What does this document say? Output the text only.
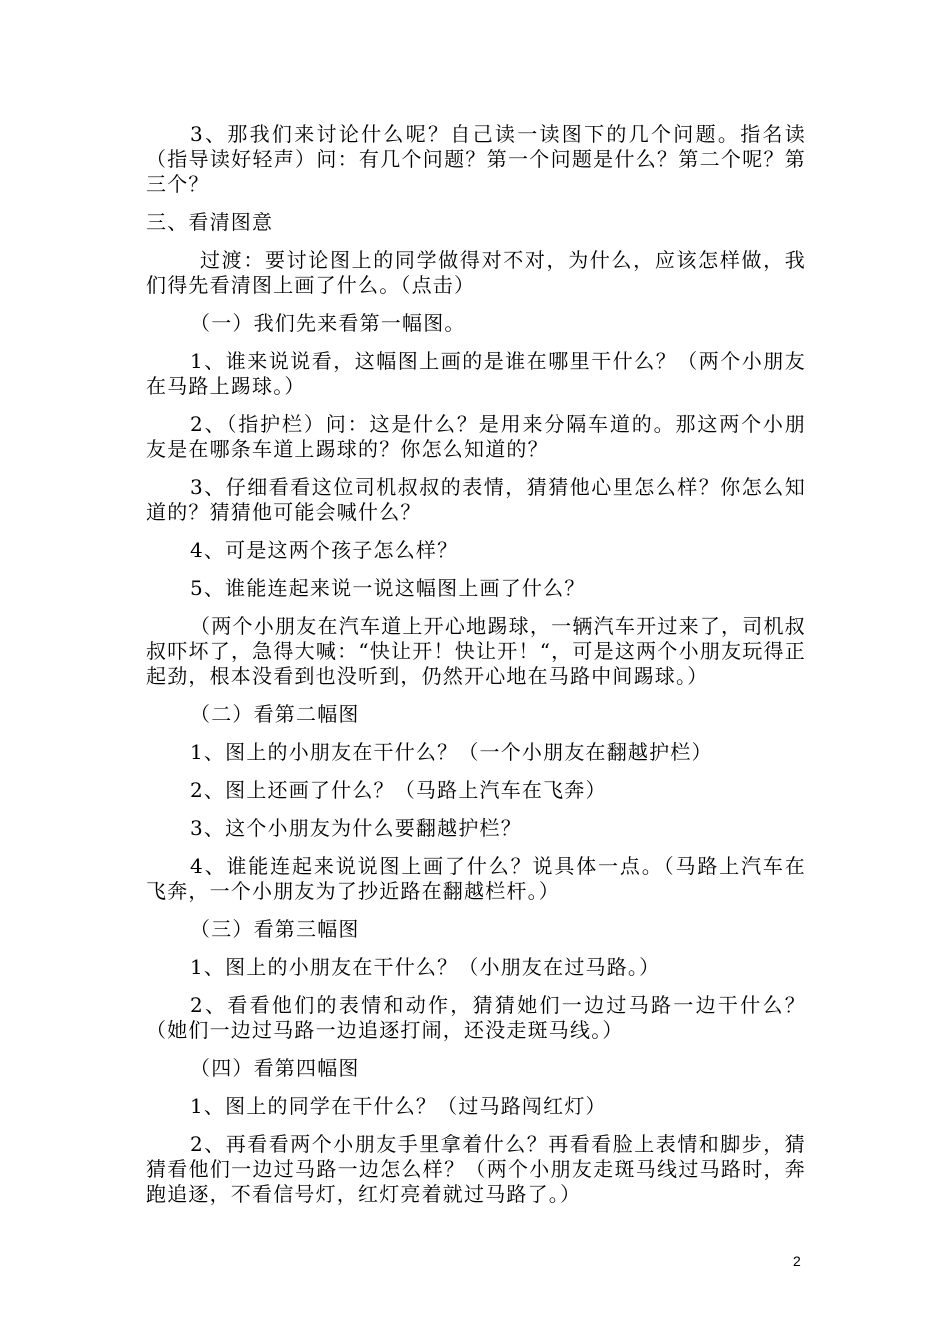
3、那我们来讨论什么呢？自己读一读图下的几个问题。指名读（指导读好轻声）问：有几个问题？第一个问题是什么？第二个呢？第三个？

三、看清图意

过渡：要讨论图上的同学做得对不对，为什么，应该怎样做，我们得先看清图上画了什么。（点击）

（一）我们先来看第一幅图。

1、谁来说说看，这幅图上画的是谁在哪里干什么？（两个小朋友在马路上踢球。）

2、（指护栏）问：这是什么？是用来分隔车道的。那这两个小朋友是在哪条车道上踢球的？你怎么知道的？

3、仔细看看这位司机叔叔的表情，猜猜他心里怎么样？你怎么知道的？猜猜他可能会喊什么？

4、可是这两个孩子怎么样？

5、谁能连起来说一说这幅图上画了什么？

（两个小朋友在汽车道上开心地踢球，一辆汽车开过来了，司机叔叔吓坏了，急得大喊：“快让开！快让开！“，可是这两个小朋友玩得正起劲，根本没看到也没听到，仍然开心地在马路中间踢球。）

（二）看第二幅图

1、图上的小朋友在干什么？（一个小朋友在翻越护栏）

2、图上还画了什么？（马路上汽车在飞奔）

3、这个小朋友为什么要翻越护栏？

4、谁能连起来说说图上画了什么？说具体一点。（马路上汽车在飞奔，一个小朋友为了抄近路在翻越栏杆。）

（三）看第三幅图

1、图上的小朋友在干什么？（小朋友在过马路。）

2、看看他们的表情和动作，猜猜她们一边过马路一边干什么？（她们一边过马路一边追逐打闹，还没走斑马线。）

（四）看第四幅图

1、图上的同学在干什么？（过马路闯红灯）

2、再看看两个小朋友手里拿着什么？再看看脸上表情和脚步，猜猜看他们一边过马路一边怎么样？（两个小朋友走斑马线过马路时，奔跑追逐，不看信号灯，红灯亮着就过马路了。）

2
